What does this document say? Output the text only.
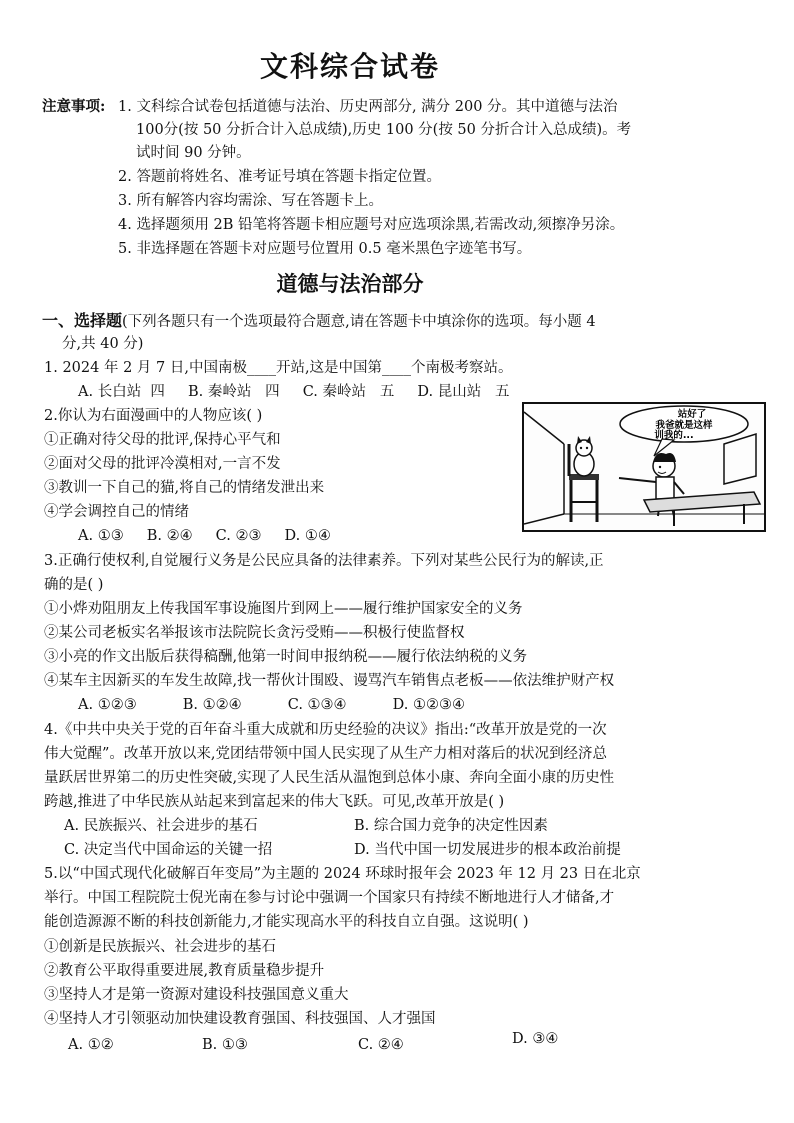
文科综合试卷
注意事项: 1. 文科综合试卷包括道德与法治、历史两部分, 满分 200 分。其中道德与法治
100分(按 50 分折合计入总成绩),历史 100 分(按 50 分折合计入总成绩)。考
试时间 90 分钟。
2. 答题前将姓名、准考证号填在答题卡指定位置。
3. 所有解答内容均需涂、写在答题卡上。
4. 选择题须用 2B 铅笔将答题卡相应题号对应选项涂黑,若需改动,须擦净另涂。
5. 非选择题在答题卡对应题号位置用 0.5 毫米黑色字迹笔书写。
道德与法治部分
一、选择题(下列各题只有一个选项最符合题意,请在答题卡中填涂你的选项。每小题 4
分,共 40 分)
1. 2024 年 2 月 7 日,中国南极____开站,这是中国第____个南极考察站。
A. 长白站  四     B. 秦岭站   四     C. 秦岭站   五     D. 昆山站   五
2.你认为右面漫画中的人物应该( )
①正确对待父母的批评,保持心平气和
②面对父母的批评冷漠相对,一言不发
③教训一下自己的猫,将自己的情绪发泄出来
④学会调控自己的情绪
A. ①③     B. ②④     C. ②③     D. ①④
站好了
我爸就是这样
训我的...
3.正确行使权利,自觉履行义务是公民应具备的法律素养。下列对某些公民行为的解读,正
确的是( )
①小烨劝阻朋友上传我国军事设施图片到网上——履行维护国家安全的义务
②某公司老板实名举报该市法院院长贪污受贿——积极行使监督权
③小亮的作文出版后获得稿酬,他第一时间申报纳税——履行依法纳税的义务
④某车主因新买的车发生故障,找一帮伙计围殴、谩骂汽车销售点老板——依法维护财产权
A. ①②③          B. ①②④          C. ①③④          D. ①②③④
4.《中共中央关于党的百年奋斗重大成就和历史经验的决议》指出:“改革开放是党的一次
伟大觉醒”。改革开放以来,党团结带领中国人民实现了从生产力相对落后的状况到经济总
量跃居世界第二的历史性突破,实现了人民生活从温饱到总体小康、奔向全面小康的历史性
跨越,推进了中华民族从站起来到富起来的伟大飞跃。可见,改革开放是( )
A. 民族振兴、社会进步的基石	B. 综合国力竞争的决定性因素
C. 决定当代中国命运的关键一招	D. 当代中国一切发展进步的根本政治前提
5.以“中国式现代化破解百年变局”为主题的 2024 环球时报年会 2023 年 12 月 23 日在北京
举行。中国工程院院士倪光南在参与讨论中强调一个国家只有持续不断地进行人才储备,才
能创造源源不断的科技创新能力,才能实现高水平的科技自立自强。这说明( )
①创新是民族振兴、社会进步的基石
②教育公平取得重要进展,教育质量稳步提升
③坚持人才是第一资源对建设科技强国意义重大
④坚持人才引领驱动加快建设教育强国、科技强国、人才强国
A. ①②	B. ①③	C. ②④	D. ③④
